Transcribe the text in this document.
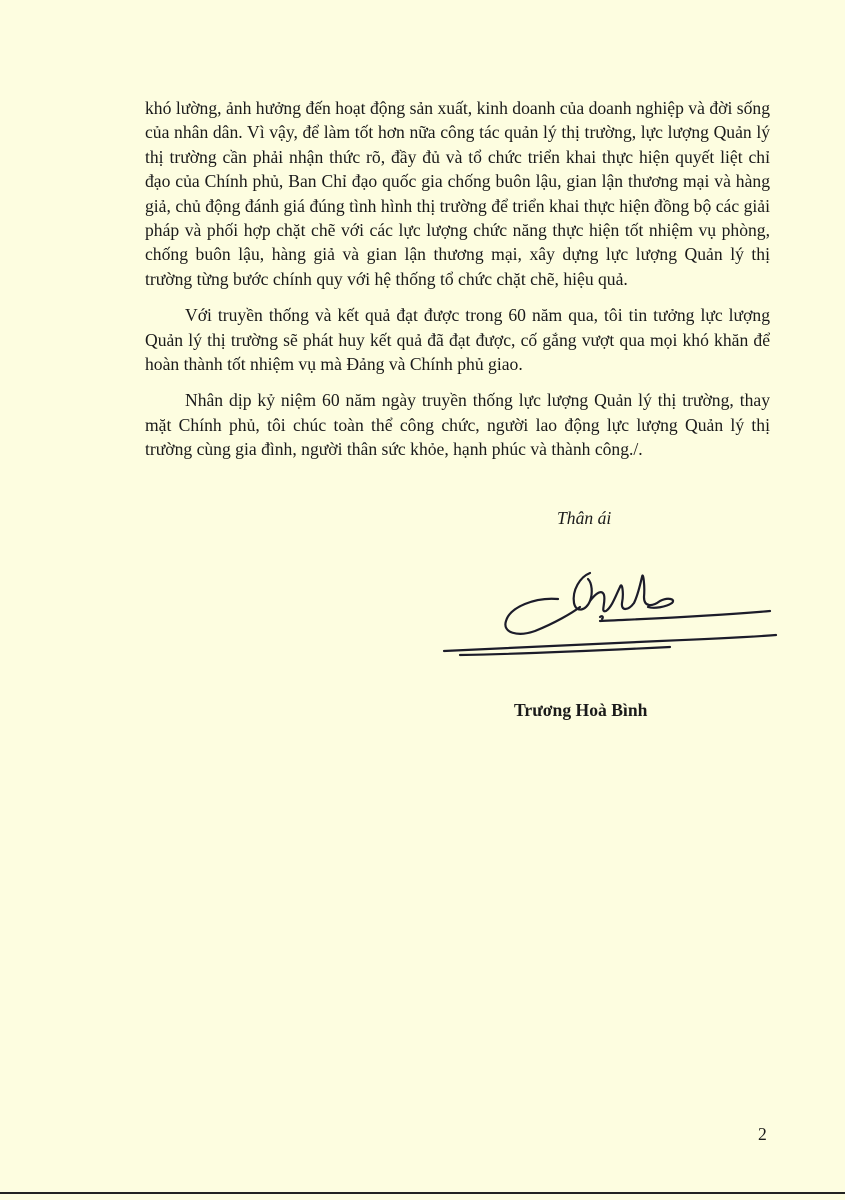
khó lường, ảnh hưởng đến hoạt động sản xuất, kinh doanh của doanh nghiệp và đời sống của nhân dân. Vì vậy, để làm tốt hơn nữa công tác quản lý thị trường, lực lượng Quản lý thị trường cần phải nhận thức rõ, đầy đủ và tổ chức triển khai thực hiện quyết liệt chỉ đạo của Chính phủ, Ban Chỉ đạo quốc gia chống buôn lậu, gian lận thương mại và hàng giả, chủ động đánh giá đúng tình hình thị trường để triển khai thực hiện đồng bộ các giải pháp và phối hợp chặt chẽ với các lực lượng chức năng thực hiện tốt nhiệm vụ phòng, chống buôn lậu, hàng giả và gian lận thương mại, xây dựng lực lượng Quản lý thị trường từng bước chính quy với hệ thống tổ chức chặt chẽ, hiệu quả.

Với truyền thống và kết quả đạt được trong 60 năm qua, tôi tin tưởng lực lượng Quản lý thị trường sẽ phát huy kết quả đã đạt được, cố gắng vượt qua mọi khó khăn để hoàn thành tốt nhiệm vụ mà Đảng và Chính phủ giao.

Nhân dịp kỷ niệm 60 năm ngày truyền thống lực lượng Quản lý thị trường, thay mặt Chính phủ, tôi chúc toàn thể công chức, người lao động lực lượng Quản lý thị trường cùng gia đình, người thân sức khỏe, hạnh phúc và thành công./.

Thân ái
Trương Hoà Bình
2
